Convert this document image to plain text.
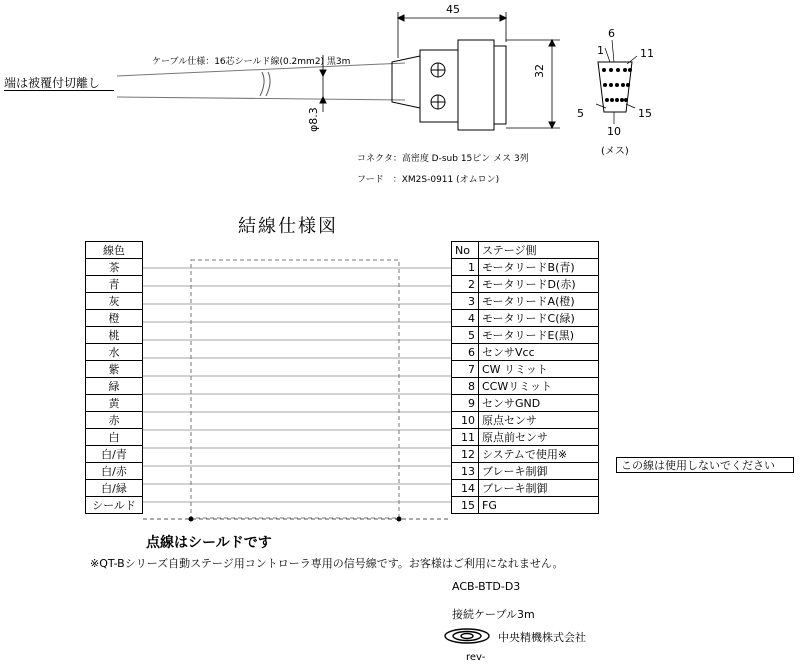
ケーブル仕様：16芯シールド線(0.2mm2) 黒3m
端は被覆付切離し
45
32
φ8.3
コネクタ：高密度 D-sub 15ピン メス 3列
フード　：XM2S-0911 (オムロン)
1
5
6
10
11
15
(メス)
結線仕様図
線色
茶
青
灰
橙
桃
水
紫
緑
黄
赤
白
白/青
白/赤
白/緑
シールド
No	ステージ側
1	モータリードB(青)
2	モータリードD(赤)
3	モータリードA(橙)
4	モータリードC(緑)
5	モータリードE(黒)
6	センサVcc
7	CW リミット
8	CCWリミット
9	センサGND
10	原点センサ
11	原点前センサ
12	システムで使用※
13	ブレーキ制御
14	ブレーキ制御
15	FG
この線は使用しないでください
点線はシールドです
※QT-Bシリーズ自動ステージ用コントローラ専用の信号線です。お客様はご利用になれません。
ACB-BTD-D3
接続ケーブル3m
中央精機株式会社
rev-
